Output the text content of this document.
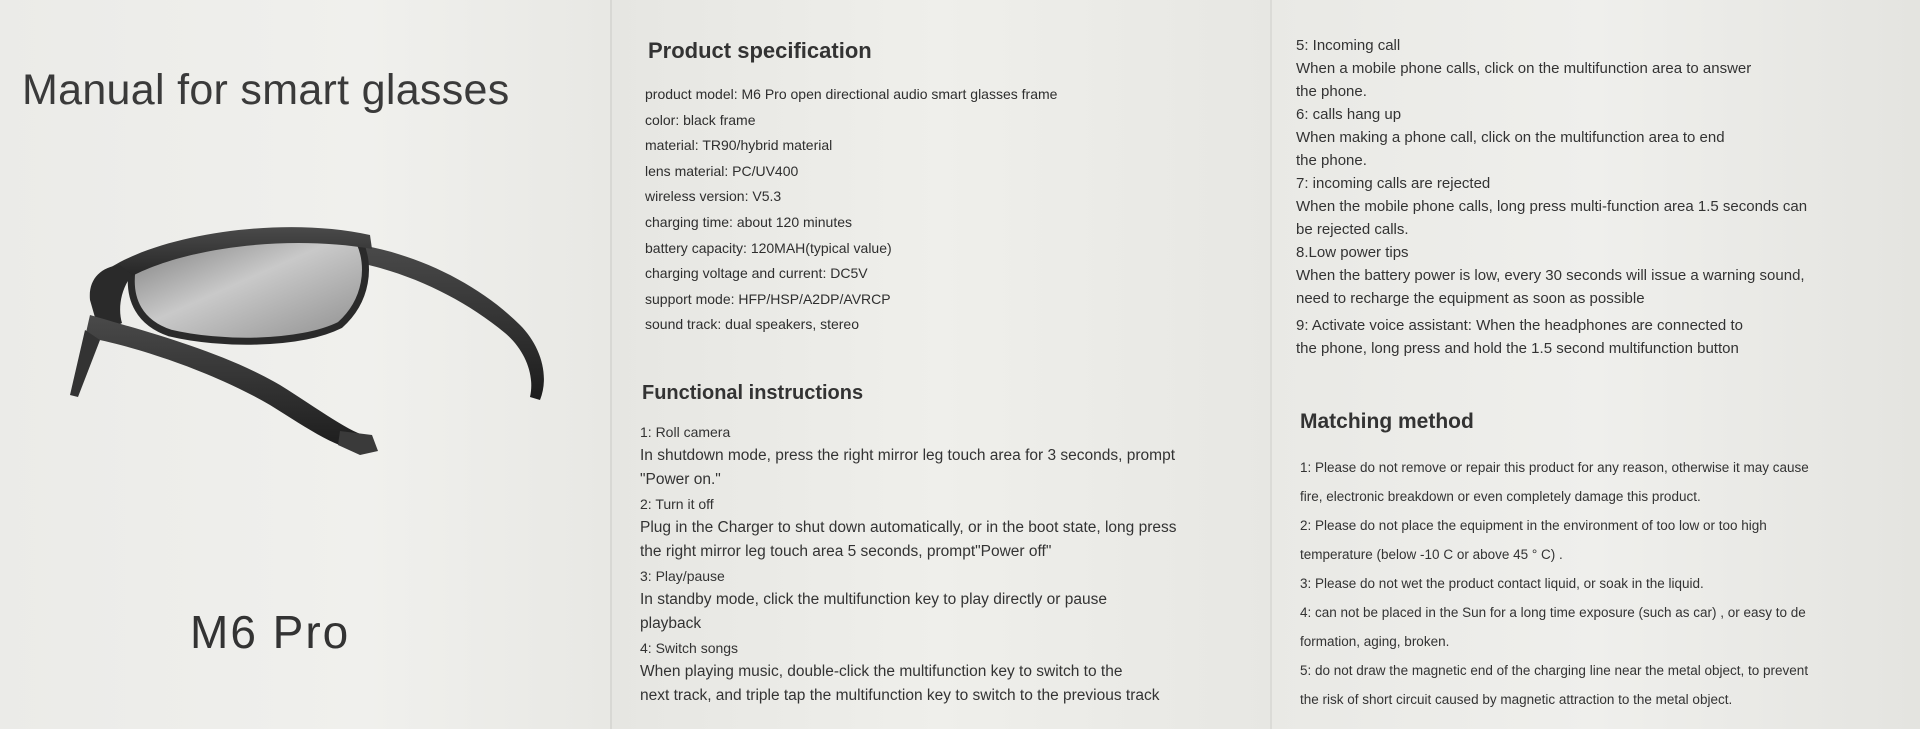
Manual for smart glasses
M6 Pro
Product specification
product model: M6 Pro open directional audio smart glasses frame
color: black frame
material: TR90/hybrid material
lens material: PC/UV400
wireless version: V5.3
charging time: about 120 minutes
battery capacity: 120MAH(typical value)
charging voltage and current: DC5V
support mode: HFP/HSP/A2DP/AVRCP
sound track: dual speakers, stereo
Functional instructions
1: Roll camera
In shutdown mode, press the right mirror leg touch area for 3 seconds, prompt
"Power on."
2: Turn it off
Plug in the Charger to shut down automatically, or in the boot state, long press
the right mirror leg touch area 5 seconds, prompt"Power off"
3: Play/pause
In standby mode, click the multifunction key to play directly or pause
playback
4: Switch songs
When playing music, double-click the multifunction key to switch to the
next track, and triple tap the multifunction key to switch to the previous track
5: Incoming call
When a mobile phone calls, click on the multifunction area to answer
the phone.
6: calls hang up
When making a phone call, click on the multifunction area to end
the phone.
7: incoming calls are rejected
When the mobile phone calls, long press multi-function area 1.5 seconds can
be rejected calls.
8.Low power tips
When the battery power is low, every 30 seconds will issue a warning sound,
need to recharge the equipment as soon as possible
9: Activate voice assistant: When the headphones are connected to
the phone, long press and hold the 1.5 second multifunction button
Matching method
1: Please do not remove or repair this product for any reason, otherwise it may cause
fire, electronic breakdown or even completely damage this product.
2: Please do not place the equipment in the environment of too low or too high
temperature (below -10 C or above 45 ° C) .
3: Please do not wet the product contact liquid, or soak in the liquid.
4: can not be placed in the Sun for a long time exposure (such as car) , or easy to de
formation, aging, broken.
5: do not draw the magnetic end of the charging line near the metal object, to prevent
the risk of short circuit caused by magnetic attraction to the metal object.
